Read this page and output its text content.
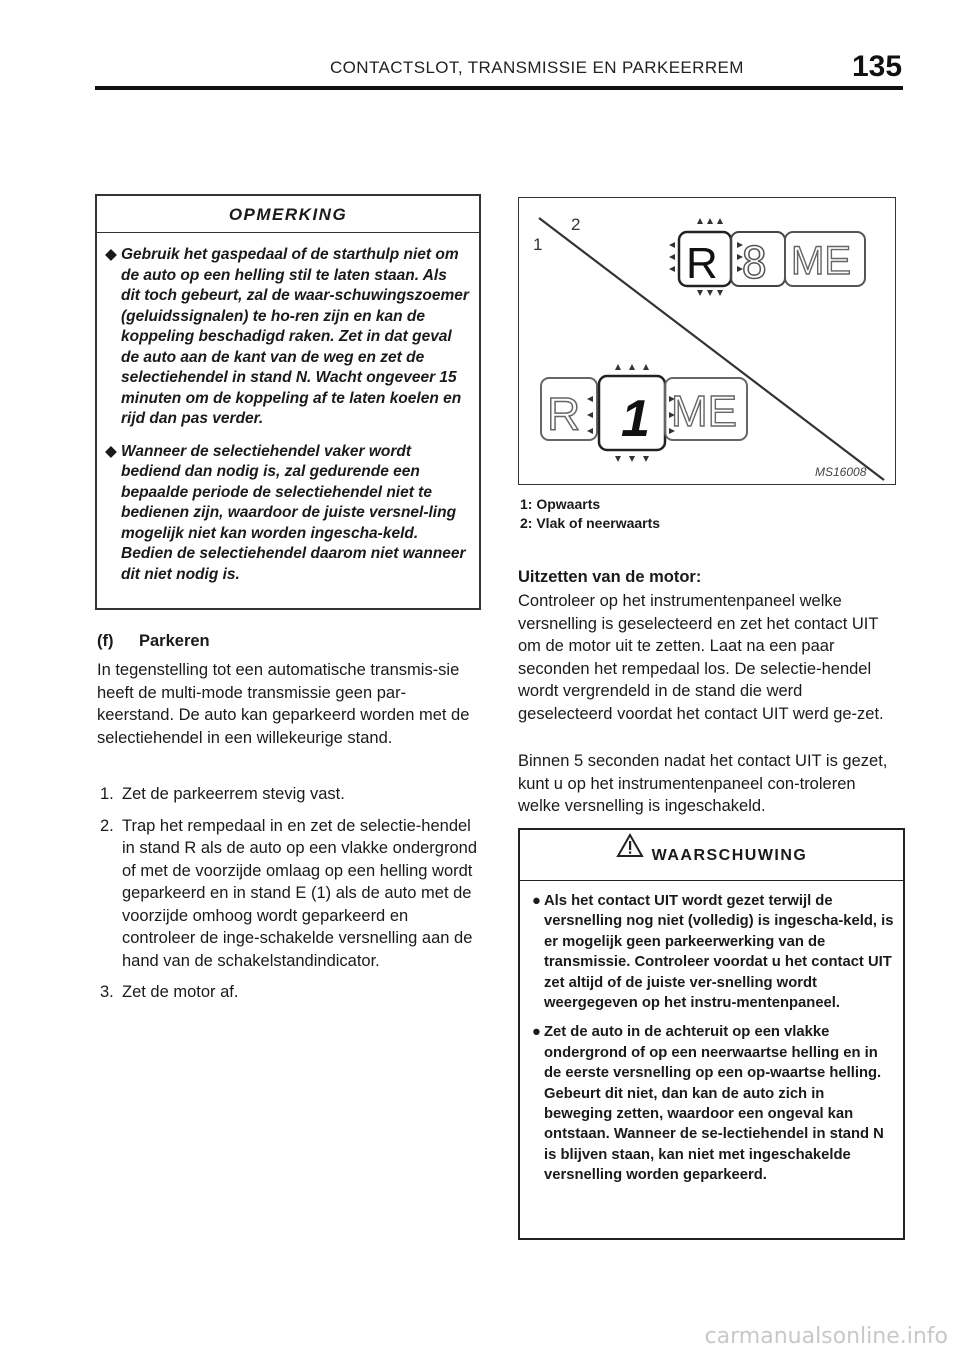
CONTACTSLOT, TRANSMISSIE EN PARKEERREM	135
OPMERKING
◆ Gebruik het gaspedaal of de starthulp niet om de auto op een helling stil te laten staan. Als dit toch gebeurt, zal de waar-schuwingszoemer (geluidssignalen) te ho-ren zijn en kan de koppeling beschadigd raken. Zet in dat geval de auto aan de kant van de weg en zet de selectiehendel in stand N. Wacht ongeveer 15 minuten om de koppeling af te laten koelen en rijd dan pas verder.
◆ Wanneer de selectiehendel vaker wordt bediend dan nodig is, zal gedurende een bepaalde periode de selectiehendel niet te bedienen zijn, waardoor de juiste versnel-ling mogelijk niet kan worden ingescha-keld. Bedien de selectiehendel daarom niet wanneer dit niet nodig is.
(f) Parkeren
In tegenstelling tot een automatische transmis-sie heeft de multi-mode transmissie geen par-keerstand. De auto kan geparkeerd worden met de selectiehendel in een willekeurige stand.
1. Zet de parkeerrem stevig vast.
2. Trap het rempedaal in en zet de selectie-hendel in stand R als de auto op een vlakke ondergrond of met de voorzijde omlaag op een helling wordt geparkeerd en in stand E (1) als de auto met de voorzijde omhoog wordt geparkeerd en controleer de inge-schakelde versnelling aan de hand van de schakelstandindicator.
3. Zet de motor af.
1
2
R 8 ME
R 1 ME
MS16008
1: Opwaarts
2: Vlak of neerwaarts
Uitzetten van de motor:
Controleer op het instrumentenpaneel welke versnelling is geselecteerd en zet het contact UIT om de motor uit te zetten. Laat na een paar seconden het rempedaal los. De selectie-hendel wordt vergrendeld in de stand die werd geselecteerd voordat het contact UIT werd ge-zet.
Binnen 5 seconden nadat het contact UIT is gezet, kunt u op het instrumentenpaneel con-troleren welke versnelling is ingeschakeld.
WAARSCHUWING
● Als het contact UIT wordt gezet terwijl de versnelling nog niet (volledig) is ingescha-keld, is er mogelijk geen parkeerwerking van de transmissie. Controleer voordat u het contact UIT zet altijd of de juiste ver-snelling wordt weergegeven op het instru-mentenpaneel.
● Zet de auto in de achteruit op een vlakke ondergrond of op een neerwaartse helling en in de eerste versnelling op een op-waartse helling. Gebeurt dit niet, dan kan de auto zich in beweging zetten, waardoor een ongeval kan ontstaan. Wanneer de se-lectiehendel in stand N is blijven staan, kan niet met ingeschakelde versnelling worden geparkeerd.
carmanualsonline.info
